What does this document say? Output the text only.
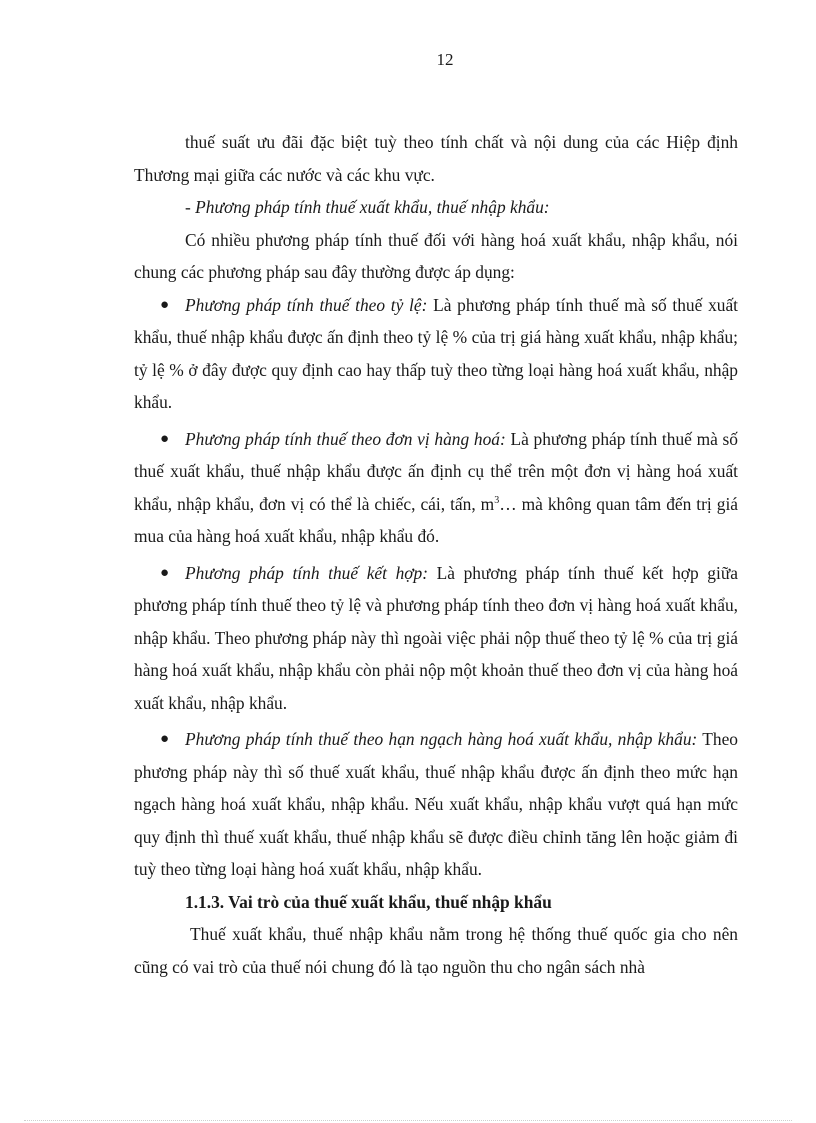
12

thuế suất ưu đãi đặc biệt tuỳ theo tính chất và nội dung của các Hiệp định Thương mại giữa các nước và các khu vực.

- Phương pháp tính thuế xuất khẩu, thuế nhập khẩu:

Có nhiều phương pháp tính thuế đối với hàng hoá xuất khẩu, nhập khẩu, nói chung các phương pháp sau đây thường được áp dụng:

● Phương pháp tính thuế theo tỷ lệ: Là phương pháp tính thuế mà số thuế xuất khẩu, thuế nhập khẩu được ấn định theo tỷ lệ % của trị giá hàng xuất khẩu, nhập khẩu; tỷ lệ % ở đây được quy định cao hay thấp tuỳ theo từng loại hàng hoá xuất khẩu, nhập khẩu.

● Phương pháp tính thuế theo đơn vị hàng hoá: Là phương pháp tính thuế mà số thuế xuất khẩu, thuế nhập khẩu được ấn định cụ thể trên một đơn vị hàng hoá xuất khẩu, nhập khẩu, đơn vị có thể là chiếc, cái, tấn, $m^3\dots$ mà không quan tâm đến trị giá mua của hàng hoá xuất khẩu, nhập khẩu đó.

● Phương pháp tính thuế kết hợp: Là phương pháp tính thuế kết hợp giữa phương pháp tính thuế theo tỷ lệ và phương pháp tính theo đơn vị hàng hoá xuất khẩu, nhập khẩu. Theo phương pháp này thì ngoài việc phải nộp thuế theo tỷ lệ % của trị giá hàng hoá xuất khẩu, nhập khẩu còn phải nộp một khoản thuế theo đơn vị của hàng hoá xuất khẩu, nhập khẩu.

● Phương pháp tính thuế theo hạn ngạch hàng hoá xuất khẩu, nhập khẩu: Theo phương pháp này thì số thuế xuất khẩu, thuế nhập khẩu được ấn định theo mức hạn ngạch hàng hoá xuất khẩu, nhập khẩu. Nếu xuất khẩu, nhập khẩu vượt quá hạn mức quy định thì thuế xuất khẩu, thuế nhập khẩu sẽ được điều chỉnh tăng lên hoặc giảm đi tuỳ theo từng loại hàng hoá xuất khẩu, nhập khẩu.

1.1.3. Vai trò của thuế xuất khẩu, thuế nhập khẩu

Thuế xuất khẩu, thuế nhập khẩu nằm trong hệ thống thuế quốc gia cho nên cũng có vai trò của thuế nói chung đó là tạo nguồn thu cho ngân sách nhà
